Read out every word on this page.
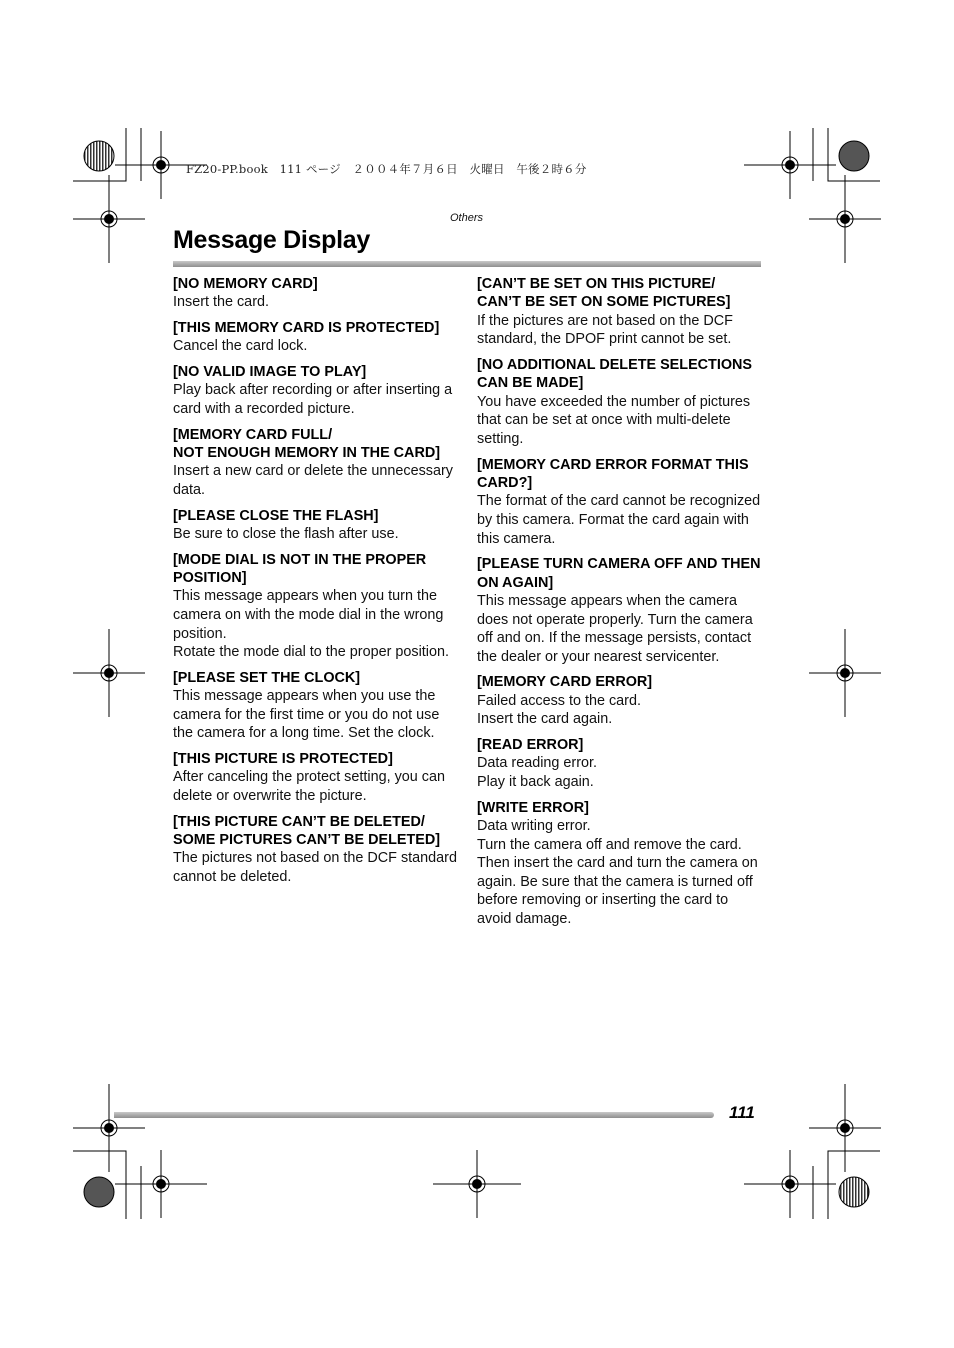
FZ20-PP.book　111 ページ　２００４年７月６日　火曜日　午後２時６分
Others
Message Display
[NO MEMORY CARD]

Insert the card.

[THIS MEMORY CARD IS PROTECTED]

Cancel the card lock.

[NO VALID IMAGE TO PLAY]

Play back after recording or after inserting a card with a recorded picture.

[MEMORY CARD FULL/
NOT ENOUGH MEMORY IN THE CARD]

Insert a new card or delete the unnecessary data.

[PLEASE CLOSE THE FLASH]

Be sure to close the flash after use.

[MODE DIAL IS NOT IN THE PROPER POSITION]

This message appears when you turn the camera on with the mode dial in the wrong position.

Rotate the mode dial to the proper position.

[PLEASE SET THE CLOCK]

This message appears when you use the camera for the first time or you do not use the camera for a long time. Set the clock.

[THIS PICTURE IS PROTECTED]

After canceling the protect setting, you can delete or overwrite the picture.

[THIS PICTURE CAN’T BE DELETED/
SOME PICTURES CAN’T BE DELETED]

The pictures not based on the DCF standard cannot be deleted.

[CAN’T BE SET ON THIS PICTURE/
CAN’T BE SET ON SOME PICTURES]

If the pictures are not based on the DCF standard, the DPOF print cannot be set.

[NO ADDITIONAL DELETE SELECTIONS CAN BE MADE]

You have exceeded the number of pictures that can be set at once with multi-delete setting.

[MEMORY CARD ERROR FORMAT THIS CARD?]

The format of the card cannot be recognized by this camera. Format the card again with this camera.

[PLEASE TURN CAMERA OFF AND THEN ON AGAIN]

This message appears when the camera does not operate properly. Turn the camera off and on. If the message persists, contact the dealer or your nearest servicenter.

[MEMORY CARD ERROR]

Failed access to the card.

Insert the card again.

[READ ERROR]

Data reading error.

Play it back again.

[WRITE ERROR]

Data writing error.

Turn the camera off and remove the card. Then insert the card and turn the camera on again. Be sure that the camera is turned off before removing or inserting the card to avoid damage.

111
